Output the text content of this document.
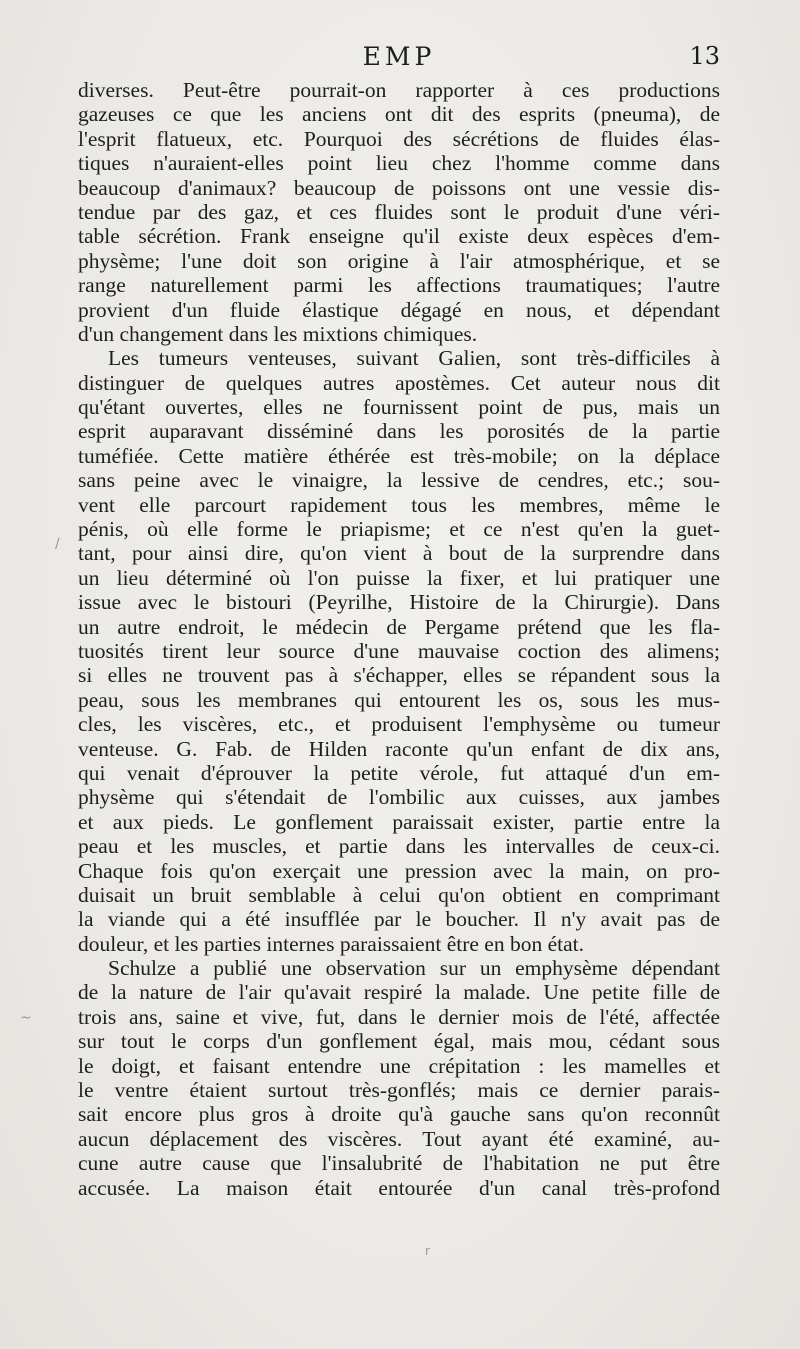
EMP	13
diverses. Peut-être pourrait-on rapporter à ces productions
gazeuses ce que les anciens ont dit des esprits (pneuma), de
l'esprit flatueux, etc. Pourquoi des sécrétions de fluides élas-
tiques n'auraient-elles point lieu chez l'homme comme dans
beaucoup d'animaux? beaucoup de poissons ont une vessie dis-
tendue par des gaz, et ces fluides sont le produit d'une véri-
table sécrétion. Frank enseigne qu'il existe deux espèces d'em-
physème; l'une doit son origine à l'air atmosphérique, et se
range naturellement parmi les affections traumatiques; l'autre
provient d'un fluide élastique dégagé en nous, et dépendant
d'un changement dans les mixtions chimiques.
Les tumeurs venteuses, suivant Galien, sont très-difficiles à
distinguer de quelques autres apostèmes. Cet auteur nous dit
qu'étant ouvertes, elles ne fournissent point de pus, mais un
esprit auparavant disséminé dans les porosités de la partie
tuméfiée. Cette matière éthérée est très-mobile; on la déplace
sans peine avec le vinaigre, la lessive de cendres, etc.; sou-
vent elle parcourt rapidement tous les membres, même le
pénis, où elle forme le priapisme; et ce n'est qu'en la guet-
tant, pour ainsi dire, qu'on vient à bout de la surprendre dans
un lieu déterminé où l'on puisse la fixer, et lui pratiquer une
issue avec le bistouri (Peyrilhe, Histoire de la Chirurgie). Dans
un autre endroit, le médecin de Pergame prétend que les fla-
tuosités tirent leur source d'une mauvaise coction des alimens;
si elles ne trouvent pas à s'échapper, elles se répandent sous la
peau, sous les membranes qui entourent les os, sous les mus-
cles, les viscères, etc., et produisent l'emphysème ou tumeur
venteuse. G. Fab. de Hilden raconte qu'un enfant de dix ans,
qui venait d'éprouver la petite vérole, fut attaqué d'un em-
physème qui s'étendait de l'ombilic aux cuisses, aux jambes
et aux pieds. Le gonflement paraissait exister, partie entre la
peau et les muscles, et partie dans les intervalles de ceux-ci.
Chaque fois qu'on exerçait une pression avec la main, on pro-
duisait un bruit semblable à celui qu'on obtient en comprimant
la viande qui a été insufflée par le boucher. Il n'y avait pas de
douleur, et les parties internes paraissaient être en bon état.
Schulze a publié une observation sur un emphysème dépendant
de la nature de l'air qu'avait respiré la malade. Une petite fille de
trois ans, saine et vive, fut, dans le dernier mois de l'été, affectée
sur tout le corps d'un gonflement égal, mais mou, cédant sous
le doigt, et faisant entendre une crépitation : les mamelles et
le ventre étaient surtout très-gonflés; mais ce dernier parais-
sait encore plus gros à droite qu'à gauche sans qu'on reconnût
aucun déplacement des viscères. Tout ayant été examiné, au-
cune autre cause que l'insalubrité de l'habitation ne put être
accusée. La maison était entourée d'un canal très-profond
~
/
r
